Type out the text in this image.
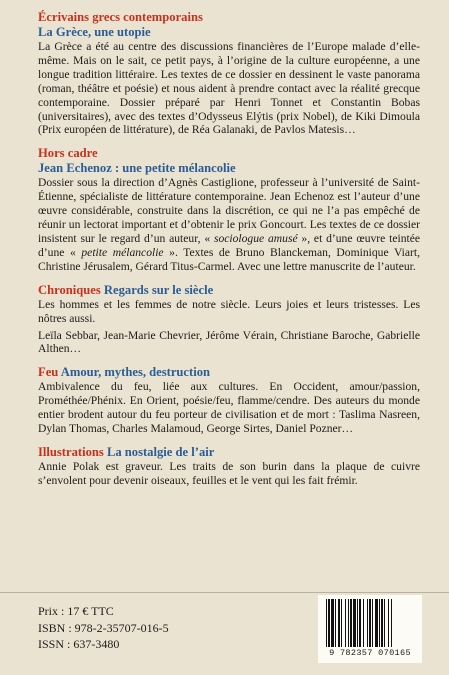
Écrivains grecs contemporains
La Grèce, une utopie
La Grèce a été au centre des discussions financières de l’Europe malade d’elle-même. Mais on le sait, ce petit pays, à l’origine de la culture européenne, a une longue tradition littéraire. Les textes de ce dossier en dessinent le vaste panorama (roman, théâtre et poésie) et nous aident à prendre contact avec la réalité grecque contemporaine. Dossier préparé par Henri Tonnet et Constantin Bobas (universitaires), avec des textes d’Odysseus Elýtis (prix Nobel), de Kiki Dimoula (Prix européen de littérature), de Réa Galanaki, de Pavlos Matesis…
Hors cadre
Jean Echenoz : une petite mélancolie
Dossier sous la direction d’Agnès Castiglione, professeur à l’université de Saint-Étienne, spécialiste de littérature contemporaine. Jean Echenoz est l’auteur d’une œuvre considérable, construite dans la discrétion, ce qui ne l’a pas empêché de réunir un lectorat important et d’obtenir le prix Goncourt. Les textes de ce dossier insistent sur le regard d’un auteur, « sociologue amusé », et d’une œuvre teintée d’une « petite mélancolie ». Textes de Bruno Blanckeman, Dominique Viart, Christine Jérusalem, Gérard Titus-Carmel. Avec une lettre manuscrite de l’auteur.
Chroniques Regards sur le siècle
Les hommes et les femmes de notre siècle. Leurs joies et leurs tristesses. Les nôtres aussi.
Leïla Sebbar, Jean-Marie Chevrier, Jérôme Vérain, Christiane Baroche, Gabrielle Althen…
Feu Amour, mythes, destruction
Ambivalence du feu, liée aux cultures. En Occident, amour/passion, Prométhée/Phénix. En Orient, poésie/feu, flamme/cendre. Des auteurs du monde entier brodent autour du feu porteur de civilisation et de mort : Taslima Nasreen, Dylan Thomas, Charles Malamoud, George Sirtes, Daniel Pozner…
Illustrations La nostalgie de l’air
Annie Polak est graveur. Les traits de son burin dans la plaque de cuivre s’envolent pour devenir oiseaux, feuilles et le vent qui les fait frémir.
Prix : 17 € TTC
ISBN : 978-2-35707-016-5
ISSN : 637-3480
9 782357 070165
